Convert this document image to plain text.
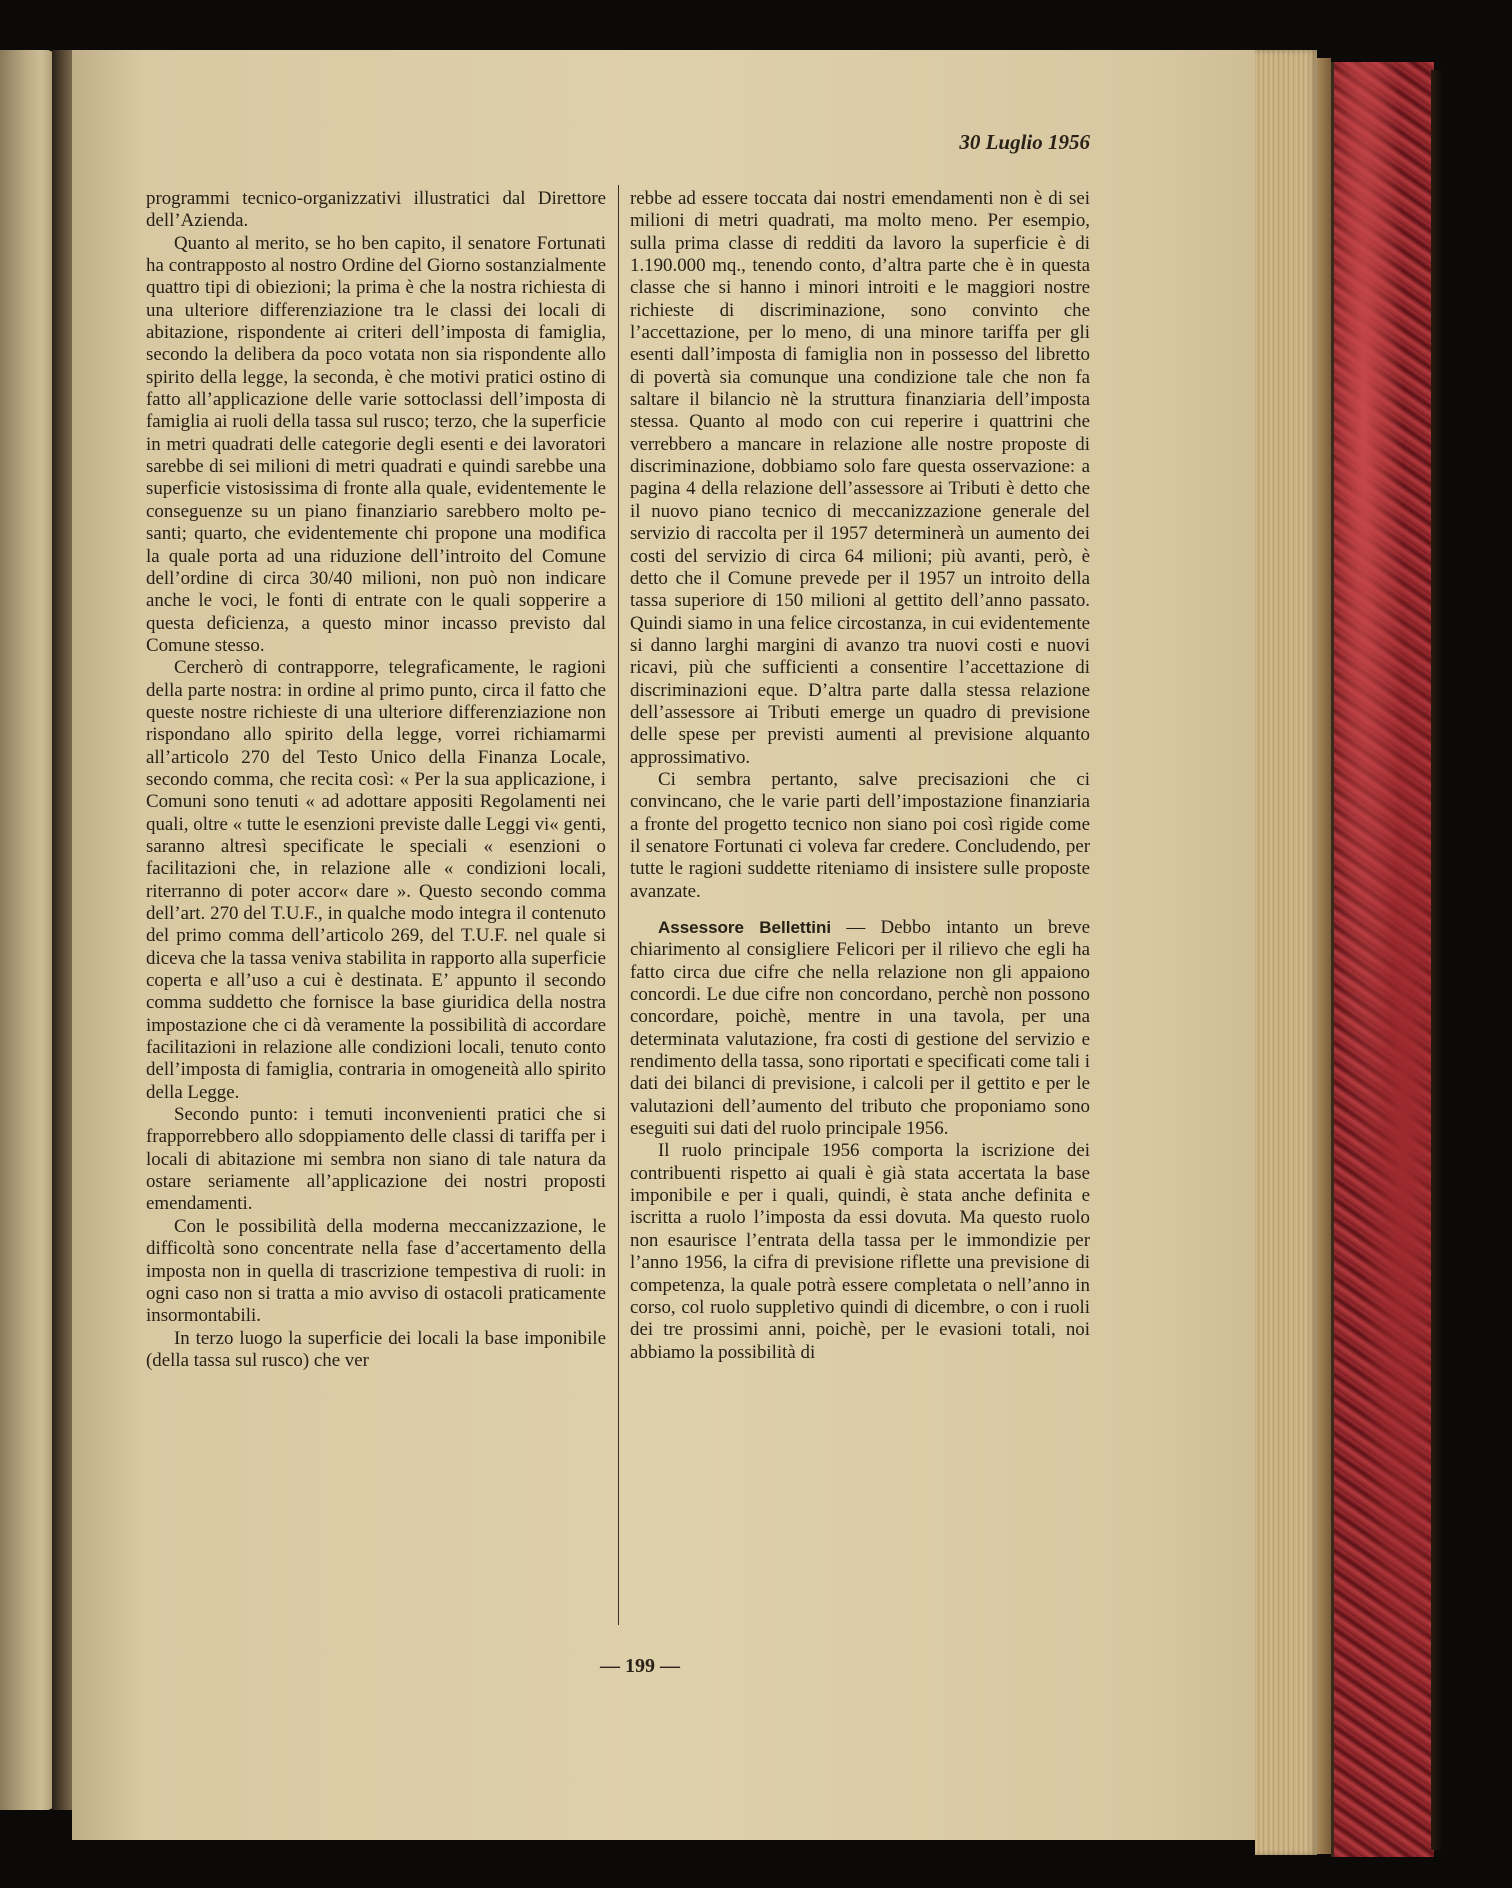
30 Luglio 1956

programmi tecnico-organizzativi illustratici dal Direttore dell’Azienda.

Quanto al merito, se ho ben capito, il senatore Fortunati ha contrapposto al nostro Ordine del Giorno sostanzialmente quattro tipi di obiezioni; la prima è che la nostra richiesta di una ulteriore differenziazione tra le classi dei locali di abitazione, rispondente ai criteri dell’imposta di famiglia, secondo la delibera da poco votata non sia rispondente allo spirito della legge, la seconda, è che motivi pratici ostino di fatto all’applicazione delle varie sottoclassi dell’imposta di famiglia ai ruoli della tassa sul rusco; terzo, che la superficie in metri quadrati delle categorie degli esenti e dei lavoratori sarebbe di sei milioni di metri quadrati e quindi sarebbe una superficie vistosissima di fronte alla quale, evidentemente le conseguenze su un piano finanziario sarebbero molto pesanti; quarto, che evidentemente chi propone una modifica la quale porta ad una riduzione dell’introito del Comune dell’ordine di circa 30/40 milioni, non può non indicare anche le voci, le fonti di entrate con le quali sopperire a questa deficienza, a questo minor incasso previsto dal Comune stesso.

Cercherò di contrapporre, telegraficamente, le ragioni della parte nostra: in ordine al primo punto, circa il fatto che queste nostre richieste di una ulteriore differenziazione non rispondano allo spirito della legge, vorrei richiamarmi all’articolo 270 del Testo Unico della Finanza Locale, secondo comma, che recita così: « Per la sua applicazione, i Comuni sono tenuti « ad adottare appositi Regolamenti nei quali, oltre « tutte le esenzioni previste dalle Leggi vi« genti, saranno altresì specificate le speciali « esenzioni o facilitazioni che, in relazione alle « condizioni locali, riterranno di poter accor« dare ». Questo secondo comma dell’art. 270 del T.U.F., in qualche modo integra il contenuto del primo comma dell’articolo 269, del T.U.F. nel quale si diceva che la tassa veniva stabilita in rapporto alla superficie coperta e all’uso a cui è destinata. E’ appunto il secondo comma suddetto che fornisce la base giuridica della nostra impostazione che ci dà veramente la possibilità di accordare facilitazioni in relazione alle condizioni locali, tenuto conto dell’imposta di famiglia, contraria in omogeneità allo spirito della Legge.

Secondo punto: i temuti inconvenienti pratici che si frapporrebbero allo sdoppiamento delle classi di tariffa per i locali di abitazione mi sembra non siano di tale natura da ostare seriamente all’applicazione dei nostri proposti emendamenti.

Con le possibilità della moderna meccanizzazione, le difficoltà sono concentrate nella fase d’accertamento della imposta non in quella di trascrizione tempestiva di ruoli: in ogni caso non si tratta a mio avviso di ostacoli praticamente insormontabili.

In terzo luogo la superficie dei locali la base imponibile (della tassa sul rusco) che ver

rebbe ad essere toccata dai nostri emendamenti non è di sei milioni di metri quadrati, ma molto meno. Per esempio, sulla prima classe di redditi da lavoro la superficie è di 1.190.000 mq., tenendo conto, d’altra parte che è in questa classe che si hanno i minori introiti e le maggiori nostre richieste di discriminazione, sono convinto che l’accettazione, per lo meno, di una minore tariffa per gli esenti dall’imposta di famiglia non in possesso del libretto di povertà sia comunque una condizione tale che non fa saltare il bilancio nè la struttura finanziaria dell’imposta stessa. Quanto al modo con cui reperire i quattrini che verrebbero a mancare in relazione alle nostre proposte di discriminazione, dobbiamo solo fare questa osservazione: a pagina 4 della relazione dell’assessore ai Tributi è detto che il nuovo piano tecnico di meccanizzazione generale del servizio di raccolta per il 1957 determinerà un aumento dei costi del servizio di circa 64 milioni; più avanti, però, è detto che il Comune prevede per il 1957 un introito della tassa superiore di 150 milioni al gettito dell’anno passato. Quindi siamo in una felice circostanza, in cui evidentemente si danno larghi margini di avanzo tra nuovi costi e nuovi ricavi, più che sufficienti a consentire l’accettazione di discriminazioni eque. D’altra parte dalla stessa relazione dell’assessore ai Tributi emerge un quadro di previsione delle spese per previsti aumenti al previsione alquanto approssimativo.

Ci sembra pertanto, salve precisazioni che ci convincano, che le varie parti dell’impostazione finanziaria a fronte del progetto tecnico non siano poi così rigide come il senatore Fortunati ci voleva far credere. Concludendo, per tutte le ragioni suddette riteniamo di insistere sulle proposte avanzate.

Assessore Bellettini — Debbo intanto un breve chiarimento al consigliere Felicori per il rilievo che egli ha fatto circa due cifre che nella relazione non gli appaiono concordi. Le due cifre non concordano, perchè non possono concordare, poichè, mentre in una tavola, per una determinata valutazione, fra costi di gestione del servizio e rendimento della tassa, sono riportati e specificati come tali i dati dei bilanci di previsione, i calcoli per il gettito e per le valutazioni dell’aumento del tributo che proponiamo sono eseguiti sui dati del ruolo principale 1956.

Il ruolo principale 1956 comporta la iscrizione dei contribuenti rispetto ai quali è già stata accertata la base imponibile e per i quali, quindi, è stata anche definita e iscritta a ruolo l’imposta da essi dovuta. Ma questo ruolo non esaurisce l’entrata della tassa per le immondizie per l’anno 1956, la cifra di previsione riflette una previsione di competenza, la quale potrà essere completata o nell’anno in corso, col ruolo suppletivo quindi di dicembre, o con i ruoli dei tre prossimi anni, poichè, per le evasioni totali, noi abbiamo la possibilità di

— 199 —
